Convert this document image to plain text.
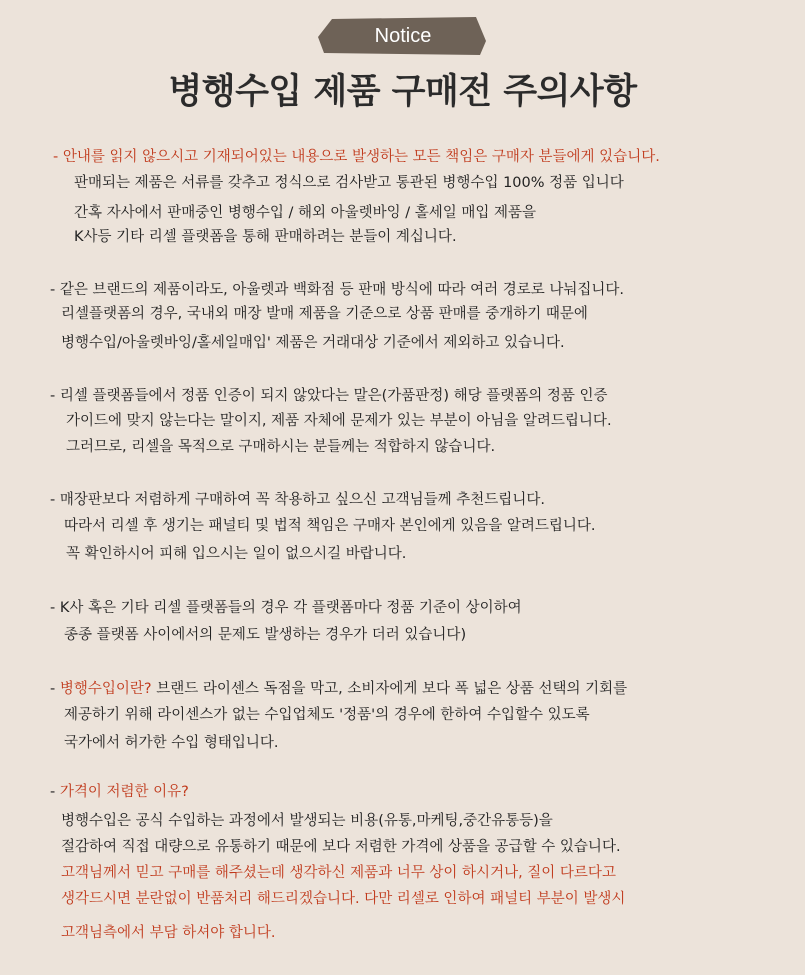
Notice
병행수입 제품 구매전 주의사항
- 안내를 읽지 않으시고 기재되어있는 내용으로 발생하는 모든 책임은 구매자 분들에게 있습니다.
판매되는 제품은 서류를 갖추고 정식으로 검사받고 통관된 병행수입 100% 정품 입니다
간혹 자사에서 판매중인 병행수입 / 해외 아울렛바잉 / 홀세일 매입 제품을
K사등 기타 리셀 플랫폼을 통해 판매하려는 분들이 계십니다.
- 같은 브랜드의 제품이라도, 아울렛과 백화점 등 판매 방식에 따라 여러 경로로 나눠집니다.
리셀플랫폼의 경우, 국내외 매장 발매 제품을 기준으로 상품 판매를 중개하기 때문에
병행수입/아울렛바잉/홀세일매입' 제품은 거래대상 기준에서 제외하고 있습니다.
- 리셀 플랫폼들에서 정품 인증이 되지 않았다는 말은(가품판정) 해당 플랫폼의 정품 인증
가이드에 맞지 않는다는 말이지, 제품 자체에 문제가 있는 부분이 아님을 알려드립니다.
그러므로, 리셀을 목적으로 구매하시는 분들께는 적합하지 않습니다.
- 매장판보다 저렴하게 구매하여 꼭 착용하고 싶으신 고객님들께 추천드립니다.
따라서 리셀 후 생기는 패널티 및 법적 책임은 구매자 본인에게 있음을 알려드립니다.
꼭 확인하시어 피해 입으시는 일이 없으시길 바랍니다.
- K사 혹은 기타 리셀 플랫폼들의 경우 각 플랫폼마다 정품 기준이 상이하여
종종 플랫폼 사이에서의 문제도 발생하는 경우가 더러 있습니다)
- 병행수입이란? 브랜드 라이센스 독점을 막고, 소비자에게 보다 폭 넓은 상품 선택의 기회를
제공하기 위해 라이센스가 없는 수입업체도 '정품'의 경우에 한하여 수입할수 있도록
국가에서 허가한 수입 형태입니다.
- 가격이 저렴한 이유?
병행수입은 공식 수입하는 과정에서 발생되는 비용(유통,마케팅,중간유통등)을
절감하여 직접 대량으로 유통하기 때문에 보다 저렴한 가격에 상품을 공급할 수 있습니다.
고객님께서 믿고 구매를 해주셨는데 생각하신 제품과 너무 상이 하시거나, 질이 다르다고
생각드시면 분란없이 반품처리 해드리겠습니다. 다만 리셀로 인하여 패널티 부분이 발생시
고객님측에서 부담 하셔야 합니다.
